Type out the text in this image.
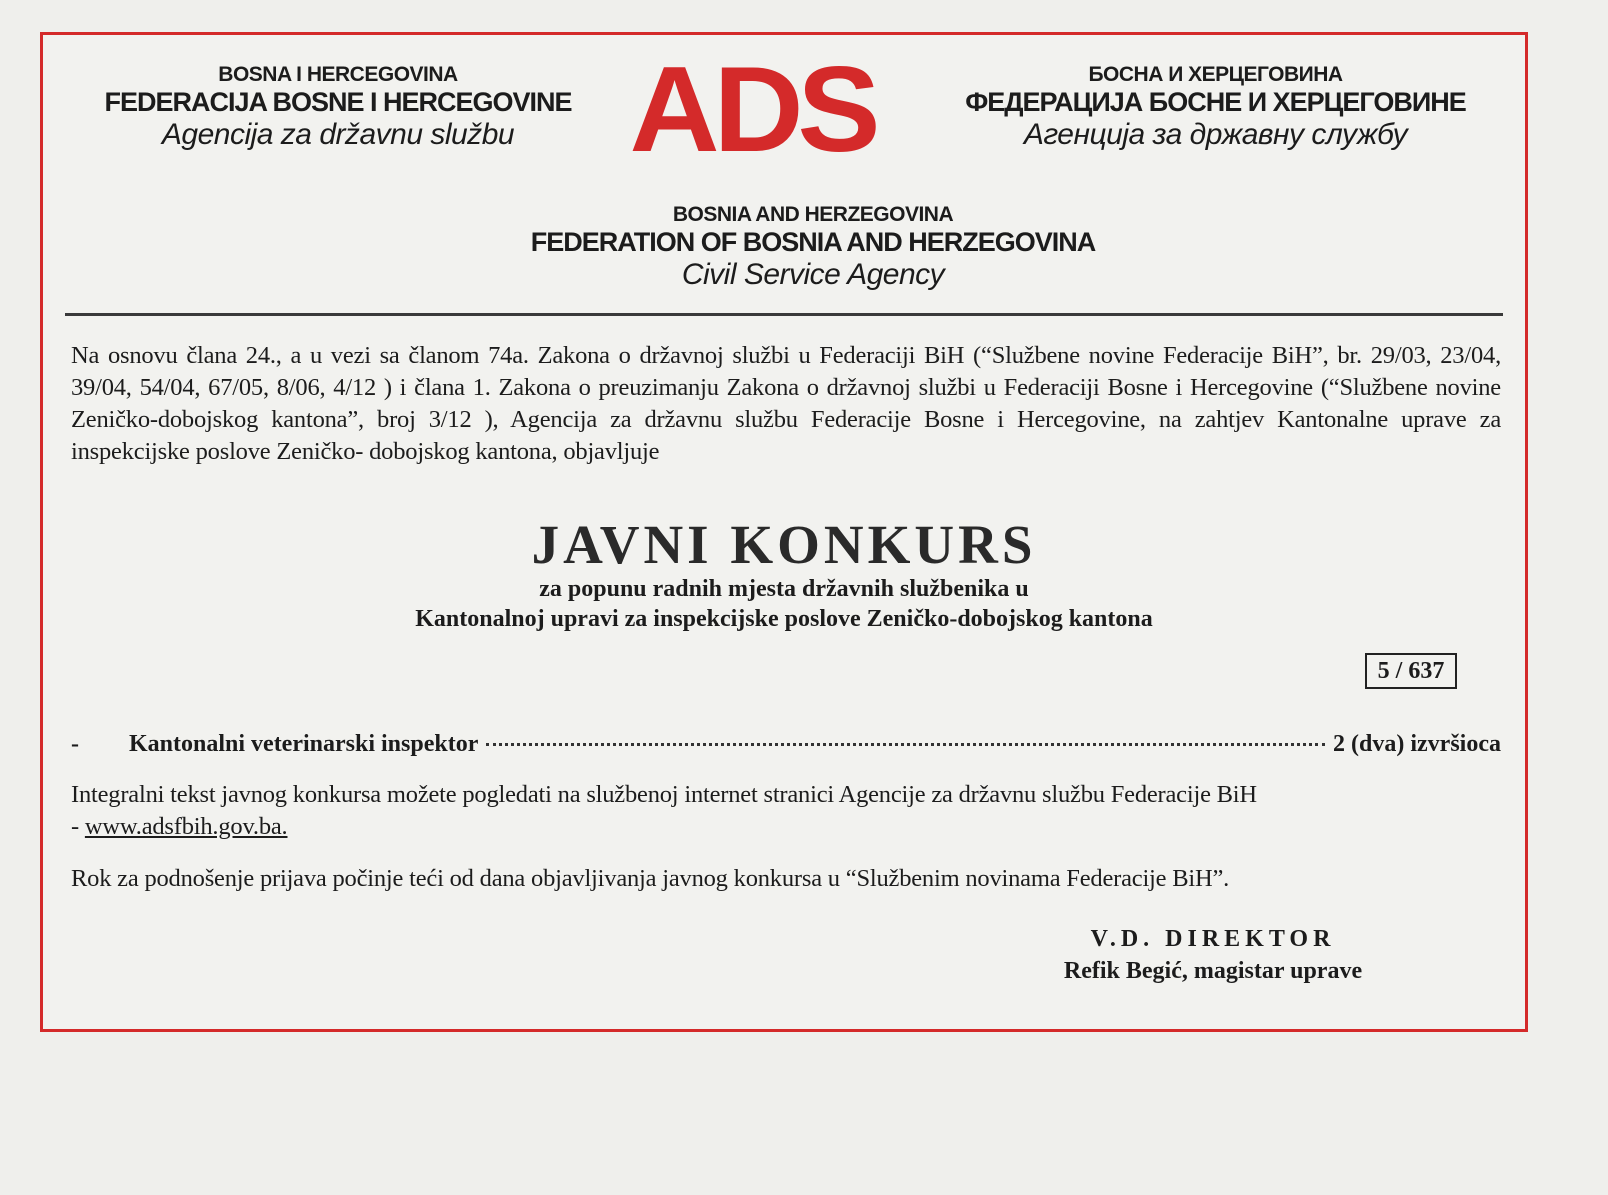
BOSNA I HERCEGOVINA
FEDERACIJA BOSNE I HERCEGOVINE
Agencija za državnu službu ADS	БОСНА И ХЕРЦЕГОВИНА
ФЕДЕРАЦИЈА БОСНЕ И ХЕРЦЕГОВИНЕ
Агенција за државну службу
BOSNIA AND HERZEGOVINA
FEDERATION OF BOSNIA AND HERZEGOVINA
Civil Service Agency
Na osnovu člana 24., a u vezi sa članom 74a. Zakona o državnoj službi u Federaciji BiH (“Službene novine Federacije BiH”, br. 29/03, 23/04, 39/04, 54/04, 67/05, 8/06, 4/12 ) i člana 1. Zakona o preuzimanju Zakona o državnoj službi u Federaciji Bosne i Hercegovine (“Službene novine Zeničko-dobojskog kantona”, broj 3/12 ), Agencija za državnu službu Federacije Bosne i Hercegovine, na zahtjev Kantonalne uprave za inspekcijske poslove Zeničko- dobojskog kantona, objavljuje
JAVNI KONKURS
za popunu radnih mjesta državnih službenika u
Kantonalnoj upravi za inspekcijske poslove Zeničko-dobojskog kantona
5 / 637
-	Kantonalni veterinarski inspektor	2 (dva) izvršioca
Integralni tekst javnog konkursa možete pogledati na službenoj internet stranici Agencije za državnu službu Federacije BiH
- www.adsfbih.gov.ba.
Rok za podnošenje prijava počinje teći od dana objavljivanja javnog konkursa u “Službenim novinama Federacije BiH”.
V.D. DIREKTOR
Refik Begić, magistar uprave
